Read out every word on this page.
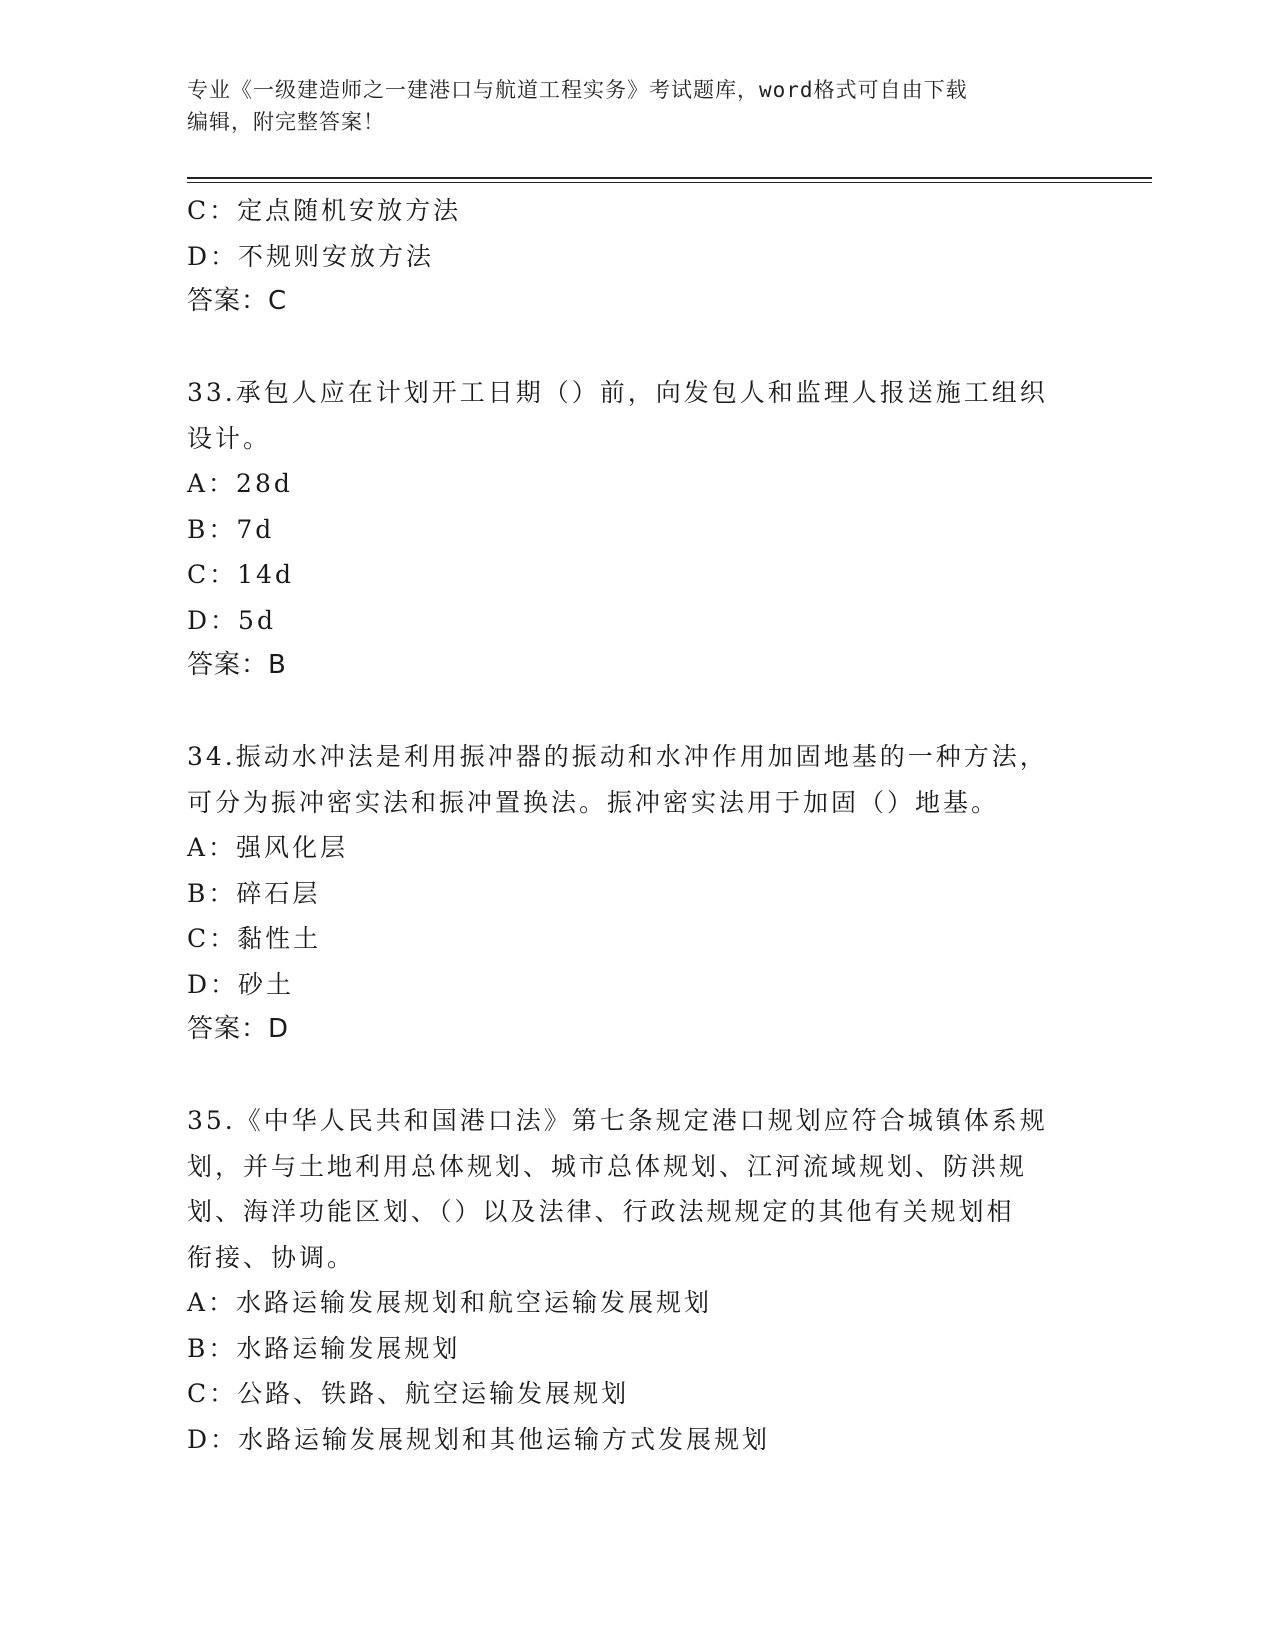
专业《一级建造师之一建港口与航道工程实务》考试题库，word格式可自由下载
编辑，附完整答案！
C：定点随机安放方法
D：不规则安放方法
答案：C
33.承包人应在计划开工日期（）前，向发包人和监理人报送施工组织
设计。
A：28d
B：7d
C：14d
D：5d
答案：B
34.振动水冲法是利用振冲器的振动和水冲作用加固地基的一种方法，
可分为振冲密实法和振冲置换法。振冲密实法用于加固（）地基。
A：强风化层
B：碎石层
C：黏性土
D：砂土
答案：D
35.《中华人民共和国港口法》第七条规定港口规划应符合城镇体系规
划，并与土地利用总体规划、城市总体规划、江河流域规划、防洪规
划、海洋功能区划、（）以及法律、行政法规规定的其他有关规划相
衔接、协调。
A：水路运输发展规划和航空运输发展规划
B：水路运输发展规划
C：公路、铁路、航空运输发展规划
D：水路运输发展规划和其他运输方式发展规划
